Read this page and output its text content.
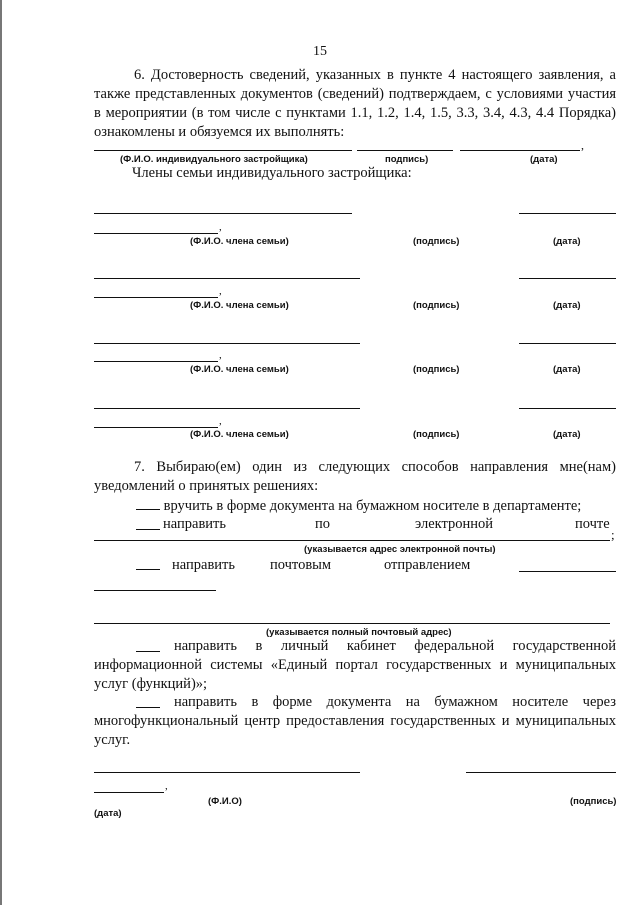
15
6. Достоверность сведений, указанных в пункте 4 настоящего заявления, а также представленных документов (сведений) подтверждаем, с условиями участия в мероприятии (в том числе с пунктами 1.1, 1.2, 1.4, 1.5, 3.3, 3.4, 4.3, 4.4 Порядка) ознакомлены и обязуемся их выполнять:
,
(Ф.И.О. индивидуального застройщика)	подпись)	(дата)
Члены семьи индивидуального застройщика:
,
(Ф.И.О. члена семьи)	(подпись)	(дата)
,
(Ф.И.О. члена семьи)	(подпись)	(дата)
,
(Ф.И.О. члена семьи)	(подпись)	(дата)
,
(Ф.И.О. члена семьи)	(подпись)	(дата)
7. Выбираю(ем) один из следующих способов направления мне(нам) уведомлений о принятых решениях:
вручить в форме документа на бумажном носителе в департаменте;
направить	по	электронной	почте
;
(указывается адрес электронной почты)
направить почтовым	отправлением
(указывается полный почтовый адрес)
направить в личный кабинет федеральной государственной информационной системы «Единый портал государственных и муниципальных услуг (функций)»;
направить в форме документа на бумажном носителе через многофункциональный центр предоставления государственных и муниципальных услуг.
,
(Ф.И.О)	(подпись)
(дата)
